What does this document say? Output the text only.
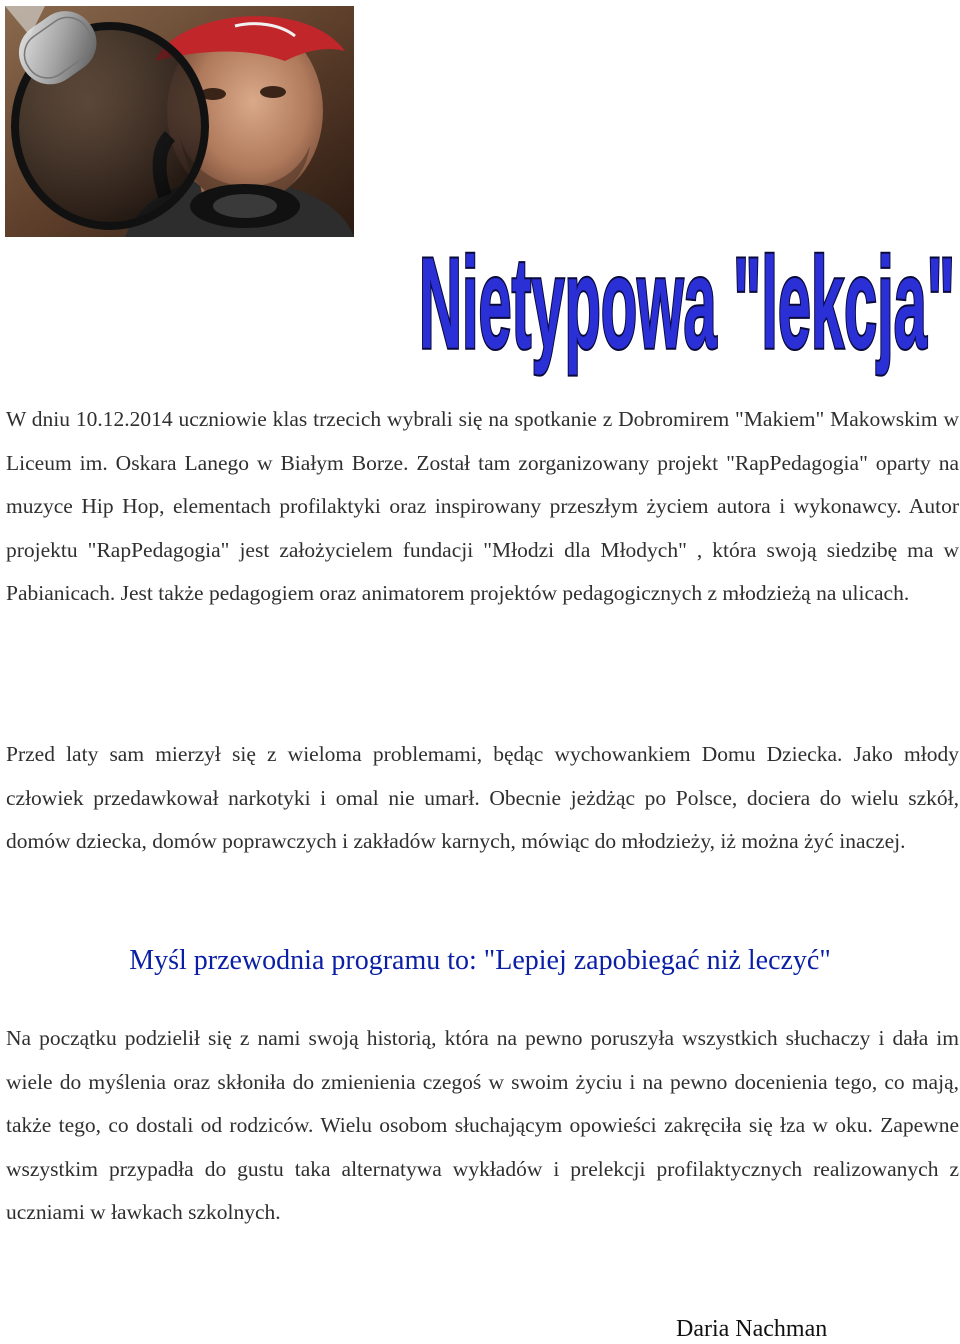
Nietypowa "lekcja"

W dniu 10.12.2014 uczniowie klas trzecich wybrali się na spotkanie z Dobromirem "Makiem" Makowskim w Liceum im. Oskara Lanego w Białym Borze. Został tam zorganizowany projekt "RapPedagogia" oparty na muzyce Hip Hop, elementach profilaktyki oraz inspirowany przeszłym życiem autora i wykonawcy. Autor projektu "RapPedagogia" jest założycielem fundacji "Młodzi dla Młodych" , która swoją siedzibę ma w Pabianicach. Jest także pedagogiem oraz animatorem projektów pedagogicznych z młodzieżą na ulicach.

Przed laty sam mierzył się z wieloma problemami, będąc wychowankiem Domu Dziecka. Jako młody człowiek przedawkował narkotyki i omal nie umarł. Obecnie jeżdżąc po Polsce, dociera do wielu szkół, domów dziecka, domów poprawczych i zakładów karnych, mówiąc do młodzieży, iż można żyć inaczej.

Myśl przewodnia programu to: "Lepiej zapobiegać niż leczyć"

Na początku podzielił się z nami swoją historią, która na pewno poruszyła wszystkich słuchaczy i dała im wiele do myślenia oraz skłoniła do zmienienia czegoś w swoim życiu i na pewno docenienia tego, co mają, także tego, co dostali od rodziców. Wielu osobom słuchającym opowieści zakręciła się łza w oku. Zapewne wszystkim przypadła do gustu taka alternatywa wykładów i prelekcji profilaktycznych realizowanych z uczniami w ławkach szkolnych.

Daria Nachman
